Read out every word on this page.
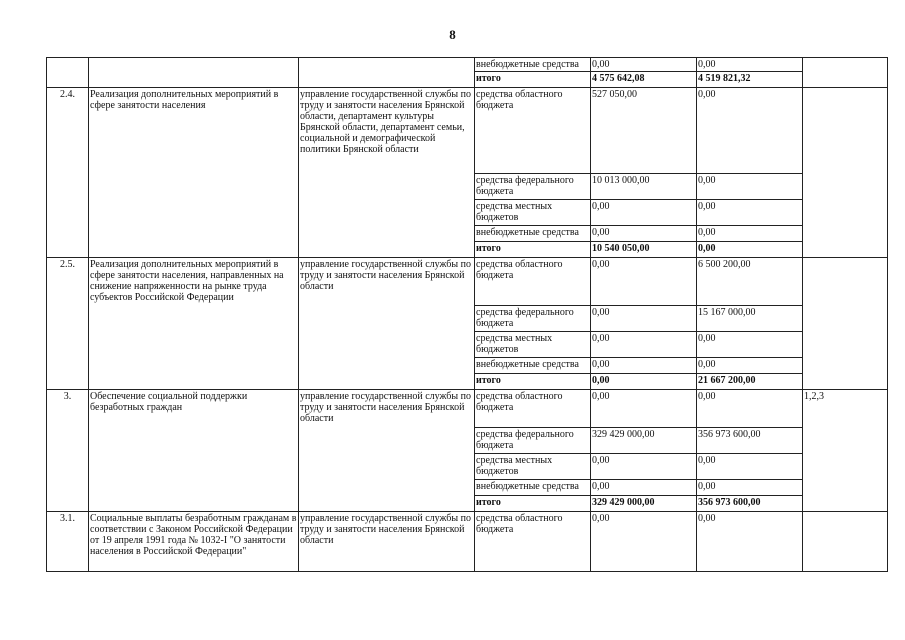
8
			внебюджетные средства	0,00	0,00	
			итого	4 575 642,08	4 519 821,32	
2.4.	Реализация дополнительных мероприятий в сфере занятости населения	управление государственной службы по труду и занятости населения Брянской области, департамент культуры Брянской области, департамент семьи, социальной и демографической политики Брянской области	средства областного бюджета	527 050,00	0,00	
			средства федерального бюджета	10 013 000,00	0,00	
			средства местных бюджетов	0,00	0,00	
			внебюджетные средства	0,00	0,00	
			итого	10 540 050,00	0,00	
2.5.	Реализация дополнительных мероприятий в сфере занятости населения, направленных на снижение напряженности на рынке труда субъектов Российской Федерации	управление государственной службы по труду и занятости населения Брянской области	средства областного бюджета	0,00	6 500 200,00	
			средства федерального бюджета	0,00	15 167 000,00	
			средства местных бюджетов	0,00	0,00	
			внебюджетные средства	0,00	0,00	
			итого	0,00	21 667 200,00	
3.	Обеспечение социальной поддержки безработных граждан	управление государственной службы по труду и занятости населения Брянской области	средства областного бюджета	0,00	0,00	1,2,3
			средства федерального бюджета	329 429 000,00	356 973 600,00	
			средства местных бюджетов	0,00	0,00	
			внебюджетные средства	0,00	0,00	
			итого	329 429 000,00	356 973 600,00	
3.1.	Социальные выплаты безработным гражданам в соответствии с Законом Российской Федерации от 19 апреля 1991 года № 1032-I "О занятости населения в Российской Федерации"	управление государственной службы по труду и занятости населения Брянской области	средства областного бюджета	0,00	0,00	
